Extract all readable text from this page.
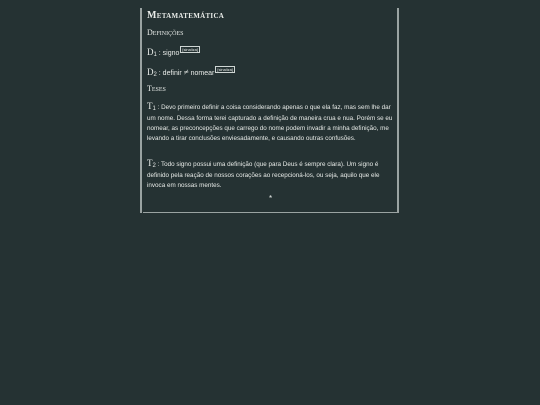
Metamatemática
Definições
D1 : signo[sinaliza]
D2 : definir ≠ nomear[sinaliza]
Teses

T1 : Devo primeiro definir a coisa considerando apenas o que ela faz, mas sem lhe dar um nome. Dessa forma terei capturado a definição de maneira crua e nua. Porém se eu nomear, as preconcepções que carrego do nome podem invadir a minha definição, me levando a tirar conclusões enviesadamente, e causando outras confusões.

T2 : Todo signo possui uma definição (que para Deus é sempre clara). Um signo é definido pela reação de nossos corações ao recepcioná-los, ou seja, aquilo que ele invoca em nossas mentes.

*
